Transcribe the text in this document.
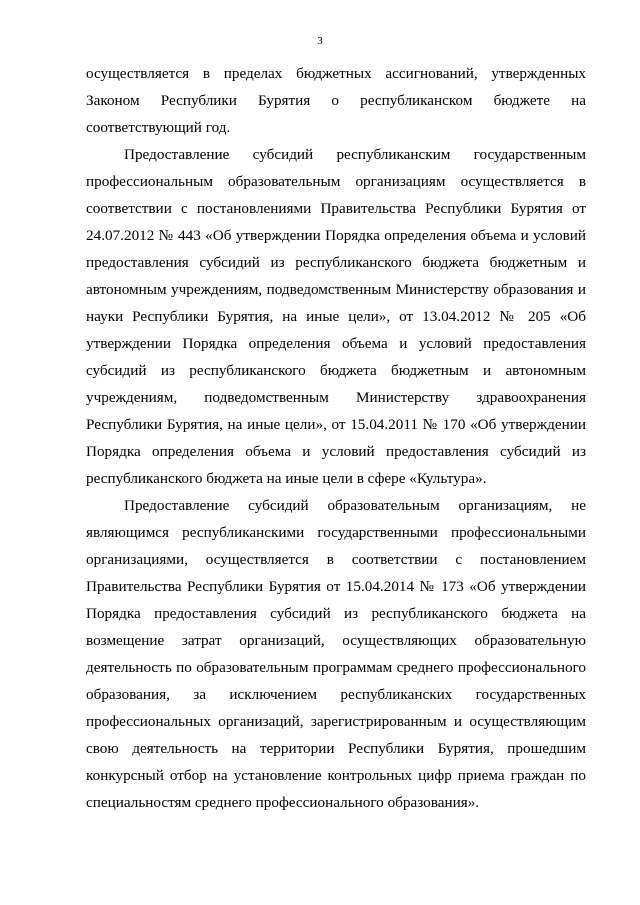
3
осуществляется в пределах бюджетных ассигнований, утвержденных
Законом Республики Бурятия о республиканском бюджете на
соответствующий год.
Предоставление субсидий республиканским государственным
профессиональным образовательным организациям осуществляется в
соответствии с постановлениями Правительства Республики Бурятия от
24.07.2012 № 443 «Об утверждении Порядка определения объема и условий
предоставления субсидий из республиканского бюджета бюджетным и
автономным учреждениям, подведомственным Министерству образования и
науки Республики Бурятия, на иные цели», от 13.04.2012 № 205 «Об
утверждении Порядка определения объема и условий предоставления
субсидий из республиканского бюджета бюджетным и автономным
учреждениям, подведомственным Министерству здравоохранения
Республики Бурятия, на иные цели», от 15.04.2011 № 170 «Об утверждении
Порядка определения объема и условий предоставления субсидий из
республиканского бюджета на иные цели в сфере «Культура».
Предоставление субсидий образовательным организациям, не
являющимся республиканскими государственными профессиональными
организациями, осуществляется в соответствии с постановлением
Правительства Республики Бурятия от 15.04.2014 № 173 «Об утверждении
Порядка предоставления субсидий из республиканского бюджета на
возмещение затрат организаций, осуществляющих образовательную
деятельность по образовательным программам среднего профессионального
образования, за исключением республиканских государственных
профессиональных организаций, зарегистрированным и осуществляющим
свою деятельность на территории Республики Бурятия, прошедшим
конкурсный отбор на установление контрольных цифр приема граждан по
специальностям среднего профессионального образования».
